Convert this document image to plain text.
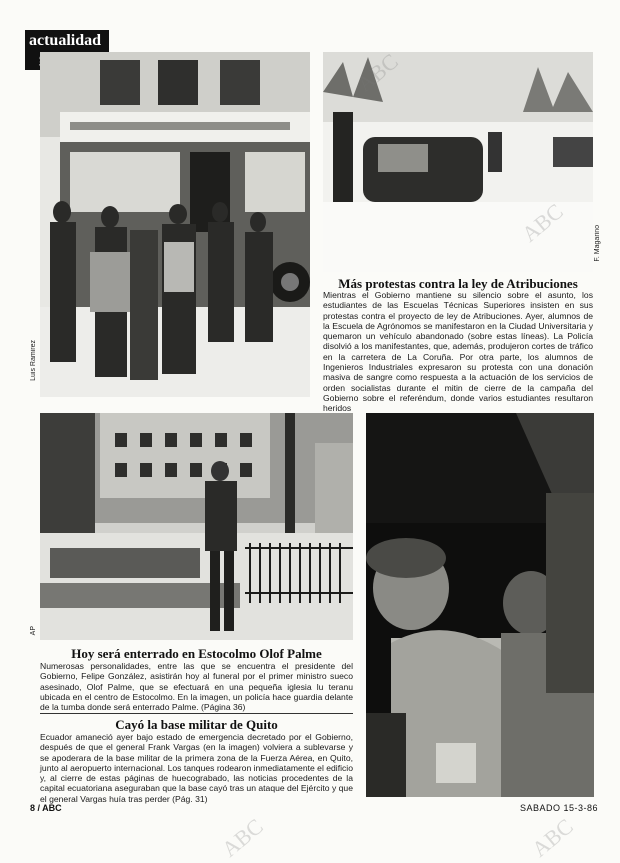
actualidad
Luis Ramirez
F. Magarino
Más protestas contra la ley de Atribuciones
Mientras el Gobierno mantiene su silencio sobre el asunto, los estudiantes de las Escuelas Técnicas Superiores insisten en sus protestas contra el proyecto de ley de Atribuciones. Ayer, alumnos de la Escuela de Agrónomos se manifestaron en la Ciudad Universitaria y quemaron un vehículo abandonado (sobre estas líneas). La Policía disolvió a los manifestantes, que, además, produjeron cortes de tráfico en la carretera de La Coruña. Por otra parte, los alumnos de Ingenieros Industriales expresaron su protesta con una donación masiva de sangre como respuesta a la actuación de los servicios de orden socialistas durante el mitin de cierre de la campaña del Gobierno sobre el referéndum, donde varios estudiantes resultaron heridos
AP
Hoy será enterrado en Estocolmo Olof Palme
Numerosas personalidades, entre las que se encuentra el presidente del Gobierno, Felipe González, asistirán hoy al funeral por el primer ministro sueco asesinado, Olof Palme, que se efectuará en una pequeña iglesia lu teranu ubicada en el centro de Estocolmo. En la imagen, un policía hace guardia delante de la tumba donde será enterrado Palme. (Página 36)
Cayó la base militar de Quito
Ecuador amaneció ayer bajo estado de emergencia decretado por el Gobierno, después de que el general Frank Vargas (en la imagen) volviera a sublevarse y se apoderara de la base militar de la primera zona de la Fuerza Aérea, en Quito, junto al aeropuerto internacional. Los tanques rodearon inmediatamente el edificio y, al cierre de estas páginas de huecograbado, las noticias procedentes de la capital ecuatoriana aseguraban que la base cayó tras un ataque del Ejército y que el general Vargas huía tras perder (Pág. 31)
8 / ABC	SABADO 15-3-86
ABC
ABC
ABC	ABC
